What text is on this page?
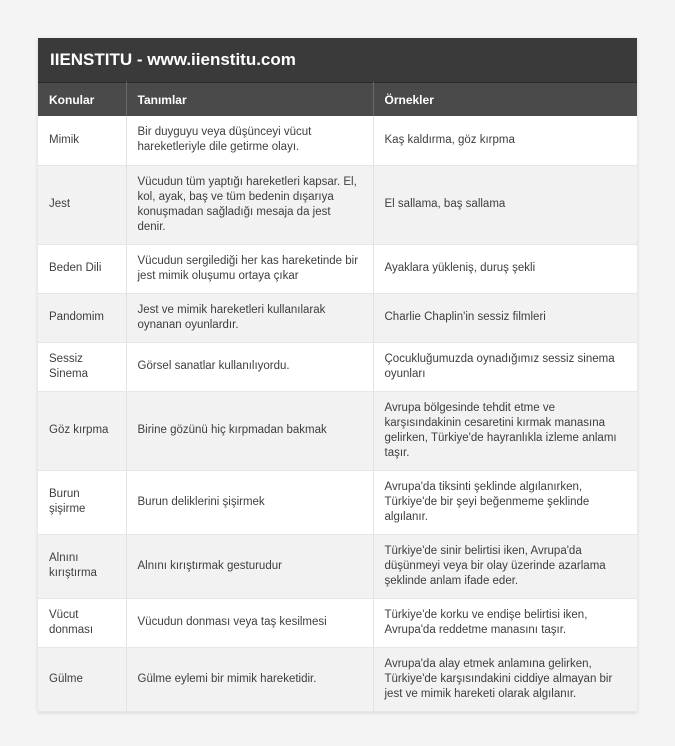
IIENSTITU - www.iienstitu.com
Konular	Tanımlar	Örnekler
Mimik	Bir duyguyu veya düşünceyi vücut hareketleriyle dile getirme olayı.	Kaş kaldırma, göz kırpma
Jest	Vücudun tüm yaptığı hareketleri kapsar. El, kol, ayak, baş ve tüm bedenin dışarıya konuşmadan sağladığı mesaja da jest denir.	El sallama, baş sallama
Beden Dili	Vücudun sergilediği her kas hareketinde bir jest mimik oluşumu ortaya çıkar	Ayaklara yükleniş, duruş şekli
Pandomim	Jest ve mimik hareketleri kullanılarak oynanan oyunlardır.	Charlie Chaplin'in sessiz filmleri
Sessiz Sinema	Görsel sanatlar kullanılıyordu.	Çocukluğumuzda oynadığımız sessiz sinema oyunları
Göz kırpma	Birine gözünü hiç kırpmadan bakmak	Avrupa bölgesinde tehdit etme ve karşısındakinin cesaretini kırmak manasına gelirken, Türkiye'de hayranlıkla izleme anlamı taşır.
Burun şişirme	Burun deliklerini şişirmek	Avrupa'da tiksinti şeklinde algılanırken, Türkiye'de bir şeyi beğenmeme şeklinde algılanır.
Alnını kırıştırma	Alnını kırıştırmak gesturudur	Türkiye'de sinir belirtisi iken, Avrupa'da düşünmeyi veya bir olay üzerinde azarlama şeklinde anlam ifade eder.
Vücut donması	Vücudun donması veya taş kesilmesi	Türkiye'de korku ve endişe belirtisi iken, Avrupa'da reddetme manasını taşır.
Gülme	Gülme eylemi bir mimik hareketidir.	Avrupa'da alay etmek anlamına gelirken, Türkiye'de karşısındakini ciddiye almayan bir jest ve mimik hareketi olarak algılanır.
